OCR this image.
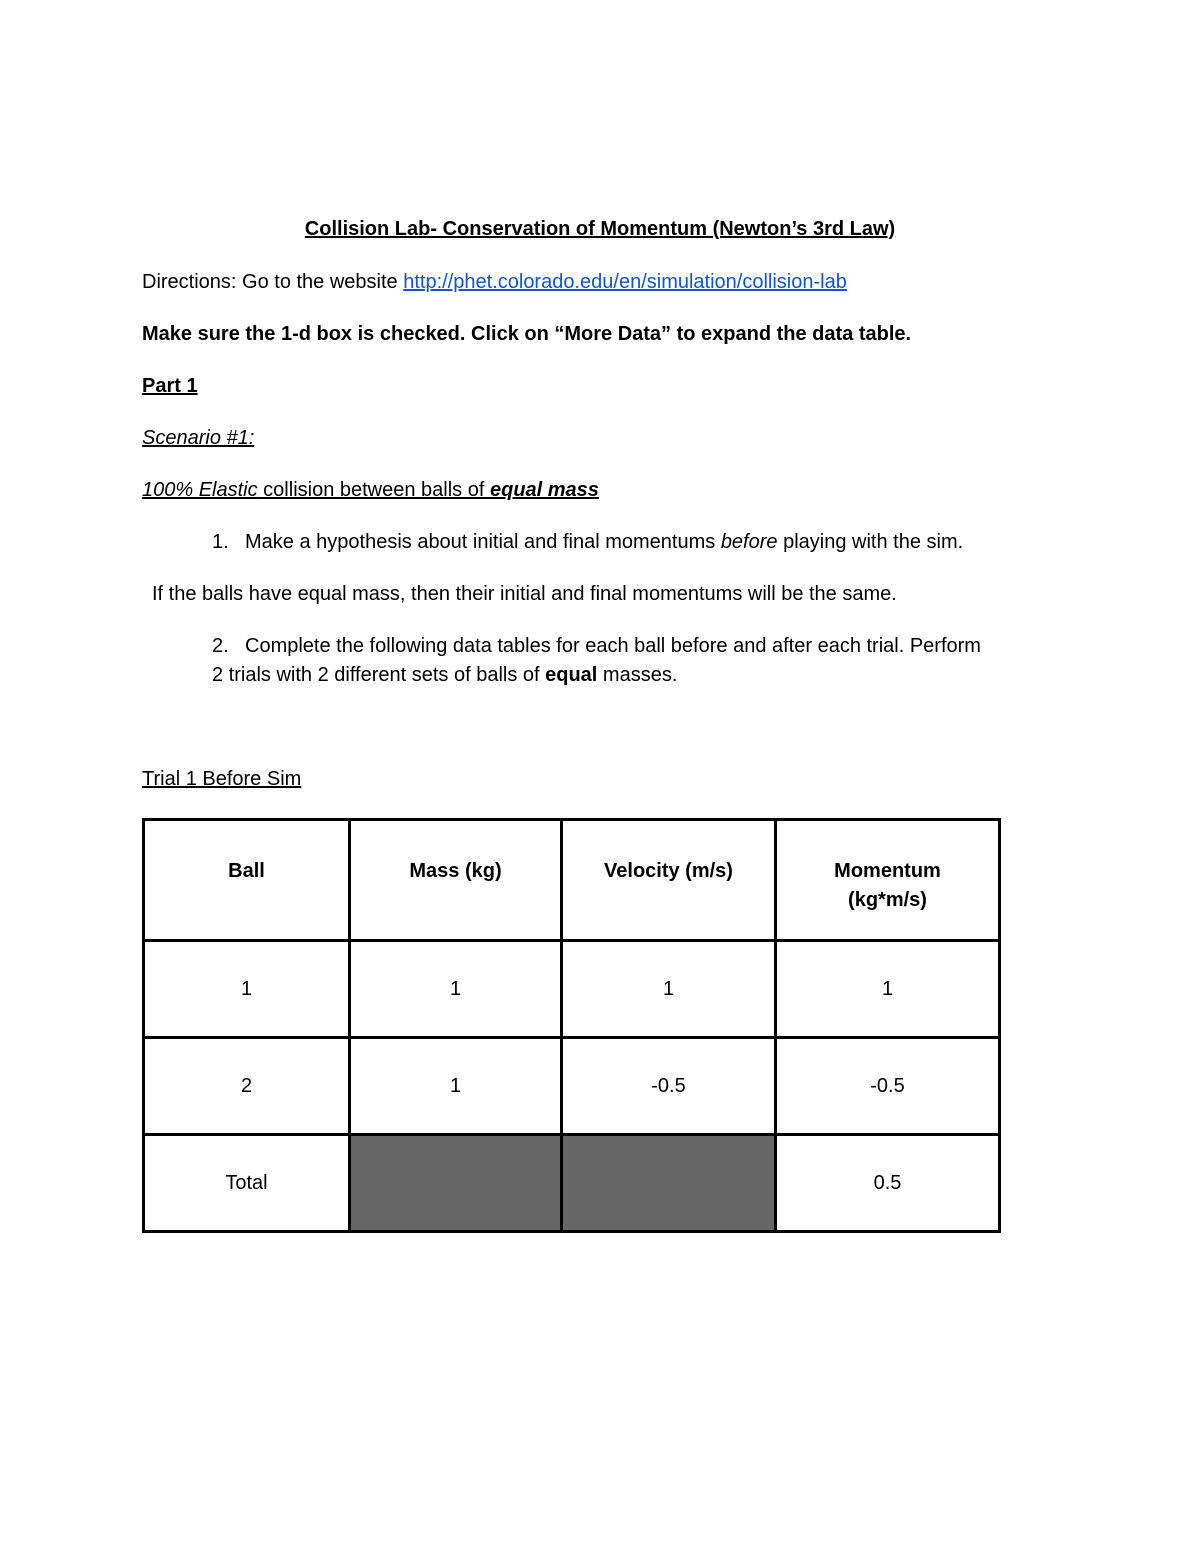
Collision Lab- Conservation of Momentum (Newton’s 3rd Law)
Directions: Go to the website http://phet.colorado.edu/en/simulation/collision-lab
Make sure the 1-d box is checked. Click on “More Data” to expand the data table.
Part 1
Scenario #1:
100% Elastic collision between balls of equal mass
1. Make a hypothesis about initial and final momentums before playing with the sim.
If the balls have equal mass, then their initial and final momentums will be the same.
2. Complete the following data tables for each ball before and after each trial. Perform
2 trials with 2 different sets of balls of equal masses.
Trial 1 Before Sim
Ball	Mass (kg)	Velocity (m/s)	Momentum
(kg*m/s)
1	1	1	1
2	1	-0.5	-0.5
Total			0.5
